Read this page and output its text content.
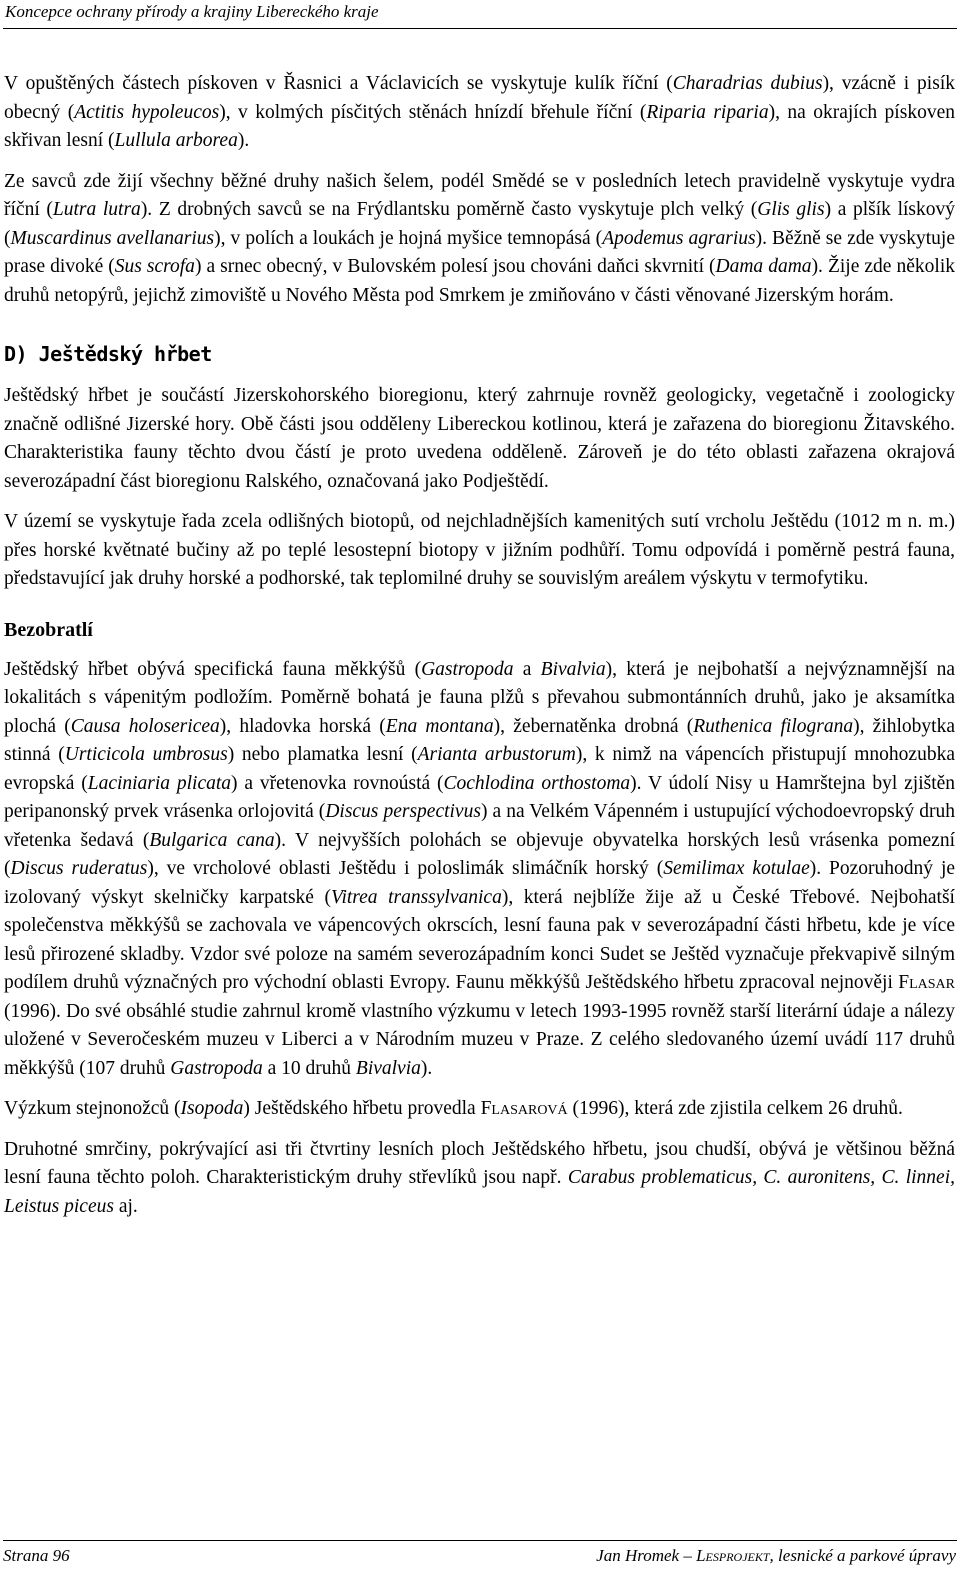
Koncepce ochrany přírody a krajiny Libereckého kraje

V opuštěných částech pískoven v Řasnici a Václavicích se vyskytuje kulík říční (Charadrias dubius), vzácně i pisík obecný (Actitis hypoleucos), v kolmých písčitých stěnách hnízdí břehule říční (Riparia riparia), na okrajích pískoven skřivan lesní (Lullula arborea).

Ze savců zde žijí všechny běžné druhy našich šelem, podél Smědé se v posledních letech pravidelně vyskytuje vydra říční (Lutra lutra). Z drobných savců se na Frýdlantsku poměrně často vyskytuje plch velký (Glis glis) a plšík lískový (Muscardinus avellanarius), v polích a loukách je hojná myšice temnopásá (Apodemus agrarius). Běžně se zde vyskytuje prase divoké (Sus scrofa) a srnec obecný, v Bulovském polesí jsou chováni daňci skvrnití (Dama dama). Žije zde několik druhů netopýrů, jejichž zimoviště u Nového Města pod Smrkem je zmiňováno v části věnované Jizerským horám.

D) Ještědský hřbet

Ještědský hřbet je součástí Jizerskohorského bioregionu, který zahrnuje rovněž geologicky, vegetačně i zoologicky značně odlišné Jizerské hory. Obě části jsou odděleny Libereckou kotlinou, která je zařazena do bioregionu Žitavského. Charakteristika fauny těchto dvou částí je proto uvedena odděleně. Zároveň je do této oblasti zařazena okrajová severozápadní část bioregionu Ralského, označovaná jako Podještědí.

V území se vyskytuje řada zcela odlišných biotopů, od nejchladnějších kamenitých sutí vrcholu Ještědu (1012 m n. m.) přes horské květnaté bučiny až po teplé lesostepní biotopy v jižním podhůří. Tomu odpovídá i poměrně pestrá fauna, představující jak druhy horské a podhorské, tak teplomilné druhy se souvislým areálem výskytu v termofytiku.

Bezobratlí

Ještědský hřbet obývá specifická fauna měkkýšů (Gastropoda a Bivalvia), která je nejbohatší a nejvýznamnější na lokalitách s vápenitým podložím. Poměrně bohatá je fauna plžů s převahou submontánních druhů, jako je aksamítka plochá (Causa holosericea), hladovka horská (Ena montana), žebernatěnka drobná (Ruthenica filograna), žihlobytka stinná (Urticicola umbrosus) nebo plamatka lesní (Arianta arbustorum), k nimž na vápencích přistupují mnohozubka evropská (Laciniaria plicata) a vřetenovka rovnoústá (Cochlodina orthostoma). V údolí Nisy u Hamrštejna byl zjištěn peripanonský prvek vrásenka orlojovitá (Discus perspectivus) a na Velkém Vápenném i ustupující východoevropský druh vřetenka šedavá (Bulgarica cana). V nejvyšších polohách se objevuje obyvatelka horských lesů vrásenka pomezní (Discus ruderatus), ve vrcholové oblasti Ještědu i poloslimák slimáčník horský (Semilimax kotulae). Pozoruhodný je izolovaný výskyt skelničky karpatské (Vitrea transsylvanica), která nejblíže žije až u České Třebové. Nejbohatší společenstva měkkýšů se zachovala ve vápencových okrscích, lesní fauna pak v severozápadní části hřbetu, kde je více lesů přirozené skladby. Vzdor své poloze na samém severozápadním konci Sudet se Ještěd vyznačuje překvapivě silným podílem druhů význačných pro východní oblasti Evropy. Faunu měkkýšů Ještědského hřbetu zpracoval nejnověji Flasar (1996). Do své obsáhlé studie zahrnul kromě vlastního výzkumu v letech 1993-1995 rovněž starší literární údaje a nálezy uložené v Severočeském muzeu v Liberci a v Národním muzeu v Praze. Z celého sledovaného území uvádí 117 druhů měkkýšů (107 druhů Gastropoda a 10 druhů Bivalvia).

Výzkum stejnonožců (Isopoda) Ještědského hřbetu provedla Flasarová (1996), která zde zjistila celkem 26 druhů.

Druhotné smrčiny, pokrývající asi tři čtvrtiny lesních ploch Ještědského hřbetu, jsou chudší, obývá je většinou běžná lesní fauna těchto poloh. Charakteristickým druhy střevlíků jsou např. Carabus problematicus, C. auronitens, C. linnei, Leistus piceus aj.

Strana 96	Jan Hromek – Lesprojekt, lesnické a parkové úpravy
